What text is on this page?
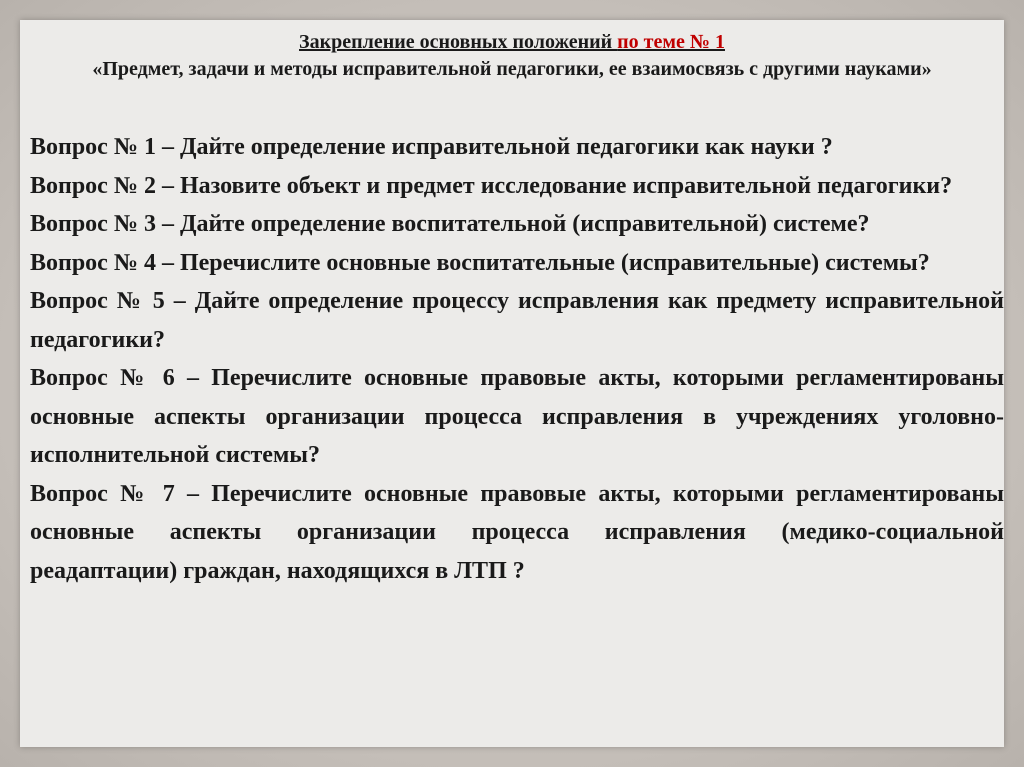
Закрепление основных положений по теме № 1
«Предмет, задачи и методы исправительной педагогики, ее взаимосвязь с другими науками»

Вопрос № 1 – Дайте определение исправительной педагогики как науки ?

Вопрос № 2 – Назовите объект и предмет исследование исправительной педагогики?

Вопрос № 3 – Дайте определение воспитательной (исправительной) системе?

Вопрос № 4 – Перечислите основные воспитательные (исправительные) системы?

Вопрос № 5 – Дайте определение процессу исправления как предмету исправительной педагогики?

Вопрос № 6 – Перечислите основные правовые акты, которыми регламентированы основные аспекты организации процесса исправления в учреждениях уголовно-исполнительной системы?

Вопрос № 7 – Перечислите основные правовые акты, которыми регламентированы основные аспекты организации процесса исправления (медико-социальной реадаптации) граждан, находящихся в ЛТП ?
